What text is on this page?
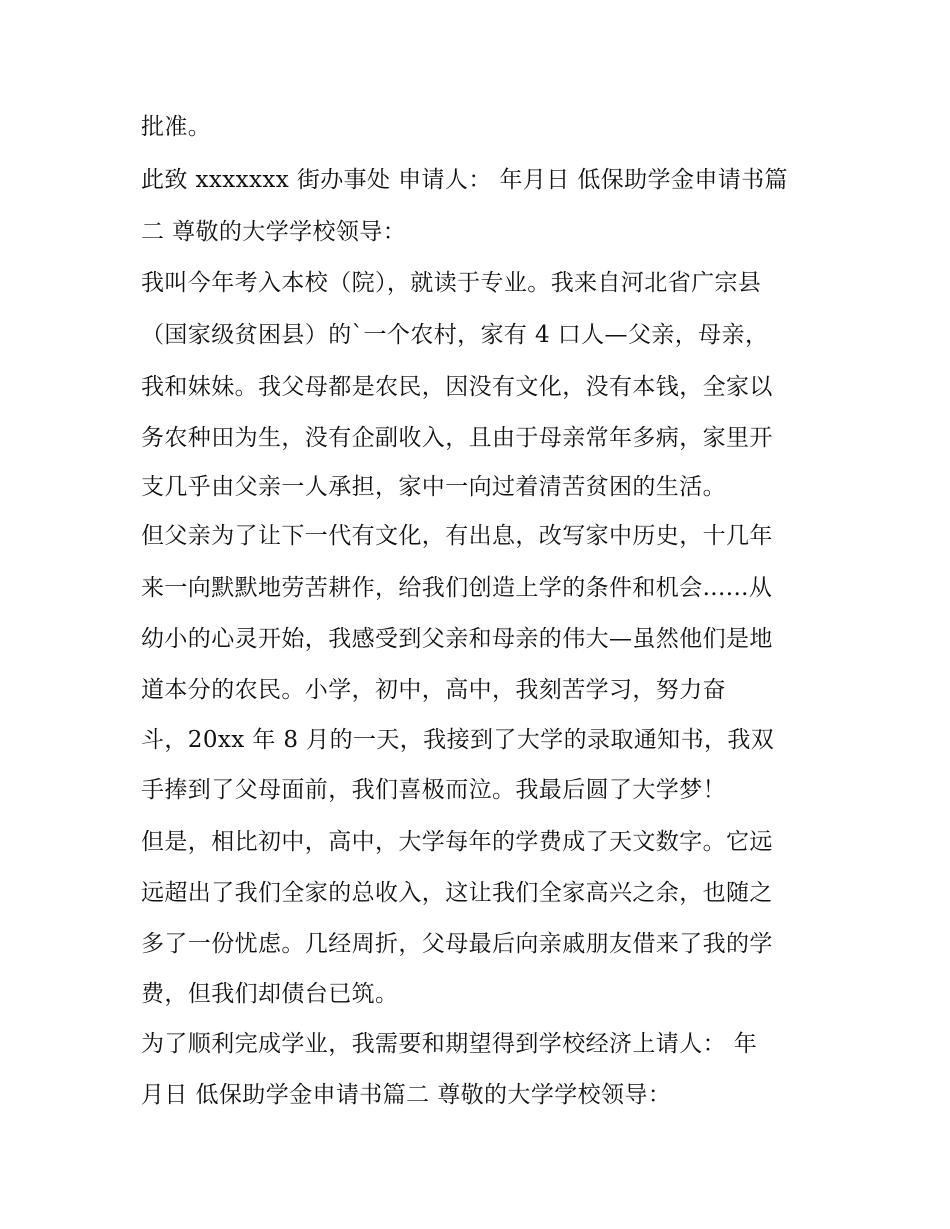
批准。
此致 xxxxxxx 街办事处 申请人： 年月日 低保助学金申请书篇
二 尊敬的大学学校领导：
我叫今年考入本校（院），就读于专业。我来自河北省广宗县
（国家级贫困县）的`一个农村，家有 4 口人—父亲，母亲，
我和妹妹。我父母都是农民，因没有文化，没有本钱，全家以
务农种田为生，没有企副收入，且由于母亲常年多病，家里开
支几乎由父亲一人承担，家中一向过着清苦贫困的生活。
但父亲为了让下一代有文化，有出息，改写家中历史，十几年
来一向默默地劳苦耕作，给我们创造上学的条件和机会......从
幼小的心灵开始，我感受到父亲和母亲的伟大—虽然他们是地
道本分的农民。小学，初中，高中，我刻苦学习，努力奋
斗，20xx 年 8 月的一天，我接到了大学的录取通知书，我双
手捧到了父母面前，我们喜极而泣。我最后圆了大学梦！
但是，相比初中，高中，大学每年的学费成了天文数字。它远
远超出了我们全家的总收入，这让我们全家高兴之余，也随之
多了一份忧虑。几经周折，父母最后向亲戚朋友借来了我的学
费，但我们却债台已筑。
为了顺利完成学业，我需要和期望得到学校经济上请人： 年
月日 低保助学金申请书篇二 尊敬的大学学校领导：
